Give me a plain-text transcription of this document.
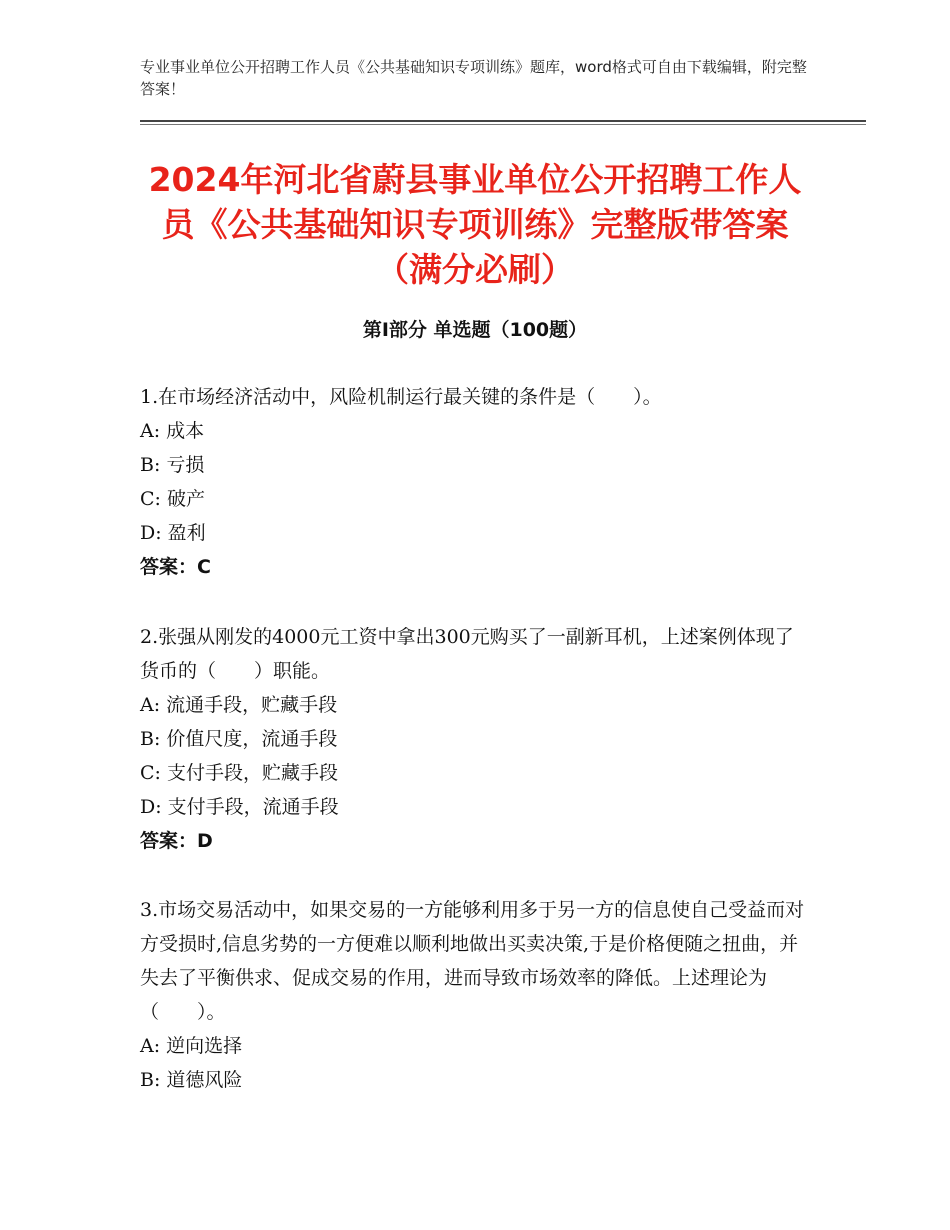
专业事业单位公开招聘工作人员《公共基础知识专项训练》题库，word格式可自由下载编辑，附完整答案！
2024年河北省蔚县事业单位公开招聘工作人员《公共基础知识专项训练》完整版带答案（满分必刷）
第I部分 单选题（100题）

1.在市场经济活动中，风险机制运行最关键的条件是（　　）。

A: 成本

B: 亏损

C: 破产

D: 盈利

答案：C

2.张强从刚发的4000元工资中拿出300元购买了一副新耳机，上述案例体现了货币的（　　）职能。

A: 流通手段，贮藏手段

B: 价值尺度，流通手段

C: 支付手段，贮藏手段

D: 支付手段，流通手段

答案：D

3.市场交易活动中，如果交易的一方能够利用多于另一方的信息使自己受益而对方受损时,信息劣势的一方便难以顺利地做出买卖决策,于是价格便随之扭曲，并失去了平衡供求、促成交易的作用，进而导致市场效率的降低。上述理论为（　　）。

A: 逆向选择

B: 道德风险
